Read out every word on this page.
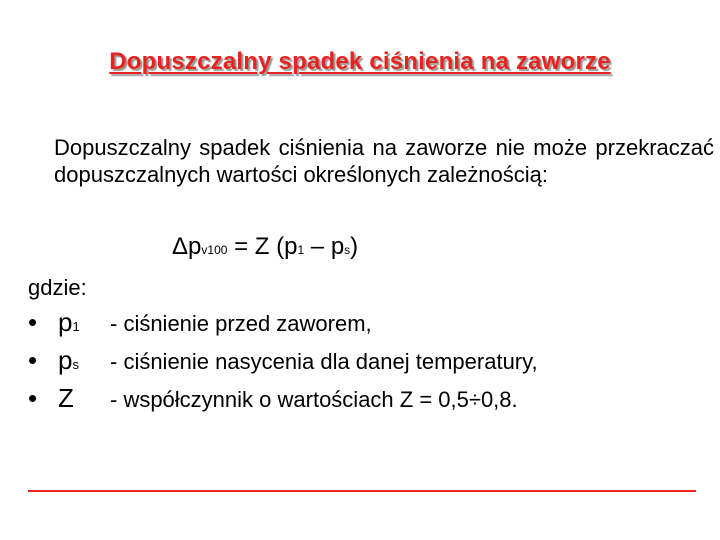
Dopuszczalny spadek ciśnienia na zaworze
Dopuszczalny spadek ciśnienia na zaworze nie może przekraczać dopuszczalnych wartości określonych zależnością:
Δpv100 = Z (p1 – ps)
gdzie:
• p1	- ciśnienie przed zaworem,
• ps	- ciśnienie nasycenia dla danej temperatury,
• Z	- współczynnik o wartościach Z = 0,5÷0,8.
